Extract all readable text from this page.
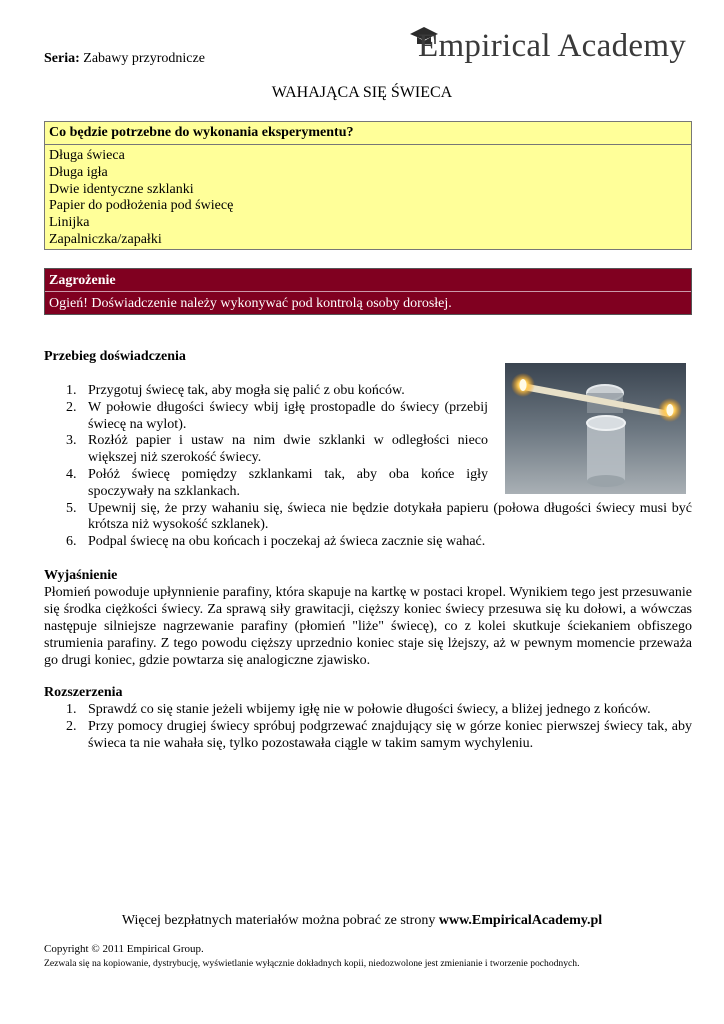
Seria: Zabawy przyrodnicze	Empirical Academy
WAHAJĄCA SIĘ ŚWIECA
Co będzie potrzebne do wykonania eksperymentu?
Długa świeca
Długa igła
Dwie identyczne szklanki
Papier do podłożenia pod świecę
Linijka
Zapalniczka/zapałki
Zagrożenie
Ogień! Doświadczenie należy wykonywać pod kontrolą osoby dorosłej.
Przebieg doświadczenia
1. Przygotuj świecę tak, aby mogła się palić z obu końców.
2. W połowie długości świecy wbij igłę prostopadle do świecy (przebij świecę na wylot).
3. Rozłóż papier i ustaw na nim dwie szklanki w odległości nieco większej niż szerokość świecy.
4. Połóż świecę pomiędzy szklankami tak, aby oba końce igły spoczywały na szklankach.
5. Upewnij się, że przy wahaniu się, świeca nie będzie dotykała papieru (połowa długości świecy musi być krótsza niż wysokość szklanek).
6. Podpal świecę na obu końcach i poczekaj aż świeca zacznie się wahać.
Wyjaśnienie
Płomień powoduje upłynnienie parafiny, która skapuje na kartkę w postaci kropel. Wynikiem tego jest przesuwanie się środka ciężkości świecy. Za sprawą siły grawitacji, cięższy koniec świecy przesuwa się ku dołowi, a wówczas następuje silniejsze nagrzewanie parafiny (płomień "liże" świecę), co z kolei skutkuje ściekaniem obfiszego strumienia parafiny. Z tego powodu cięższy uprzednio koniec staje się lżejszy, aż w pewnym momencie przeważa go drugi koniec, gdzie powtarza się analogiczne zjawisko.
Rozszerzenia
1. Sprawdź co się stanie jeżeli wbijemy igłę nie w połowie długości świecy, a bliżej jednego z końców.
2. Przy pomocy drugiej świecy spróbuj podgrzewać znajdujący się w górze koniec pierwszej świecy tak, aby świeca ta nie wahała się, tylko pozostawała ciągle w takim samym wychyleniu.
Więcej bezpłatnych materiałów można pobrać ze strony www.EmpiricalAcademy.pl
Copyright © 2011 Empirical Group.
Zezwala się na kopiowanie, dystrybucję, wyświetlanie wyłącznie dokładnych kopii, niedozwolone jest zmienianie i tworzenie pochodnych.
